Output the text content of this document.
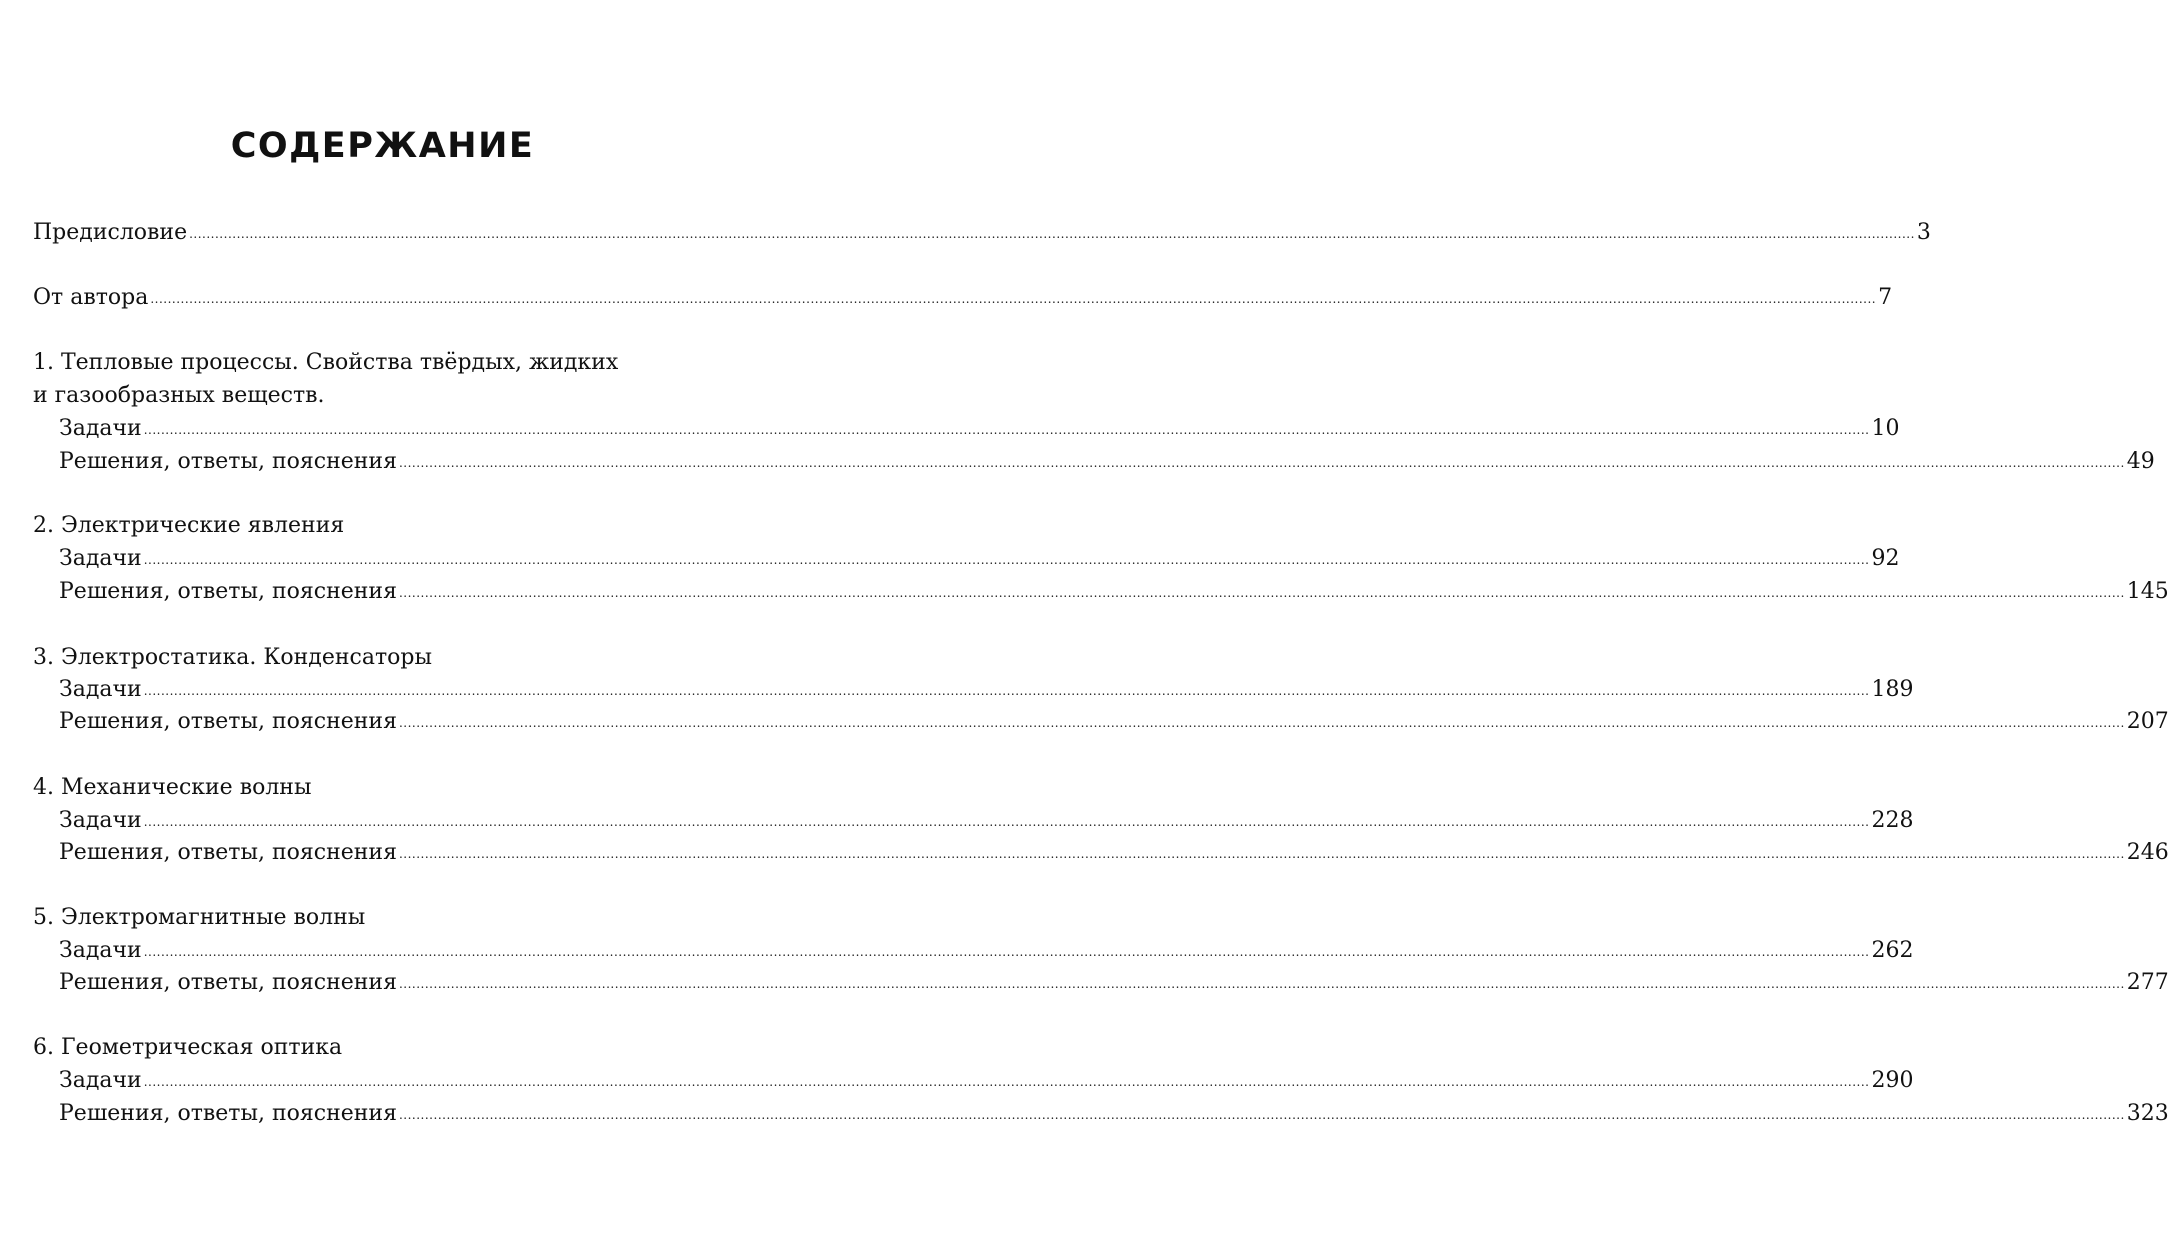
СОДЕРЖАНИЕ
Предисловие ................................................................................................................................................................................................................................................................................................................................................................................................................ 3
От автора ................................................................................................................................................................................................................................................................................................................................................................................................................ 7
1. Тепловые процессы. Свойства твёрдых, жидких
и газообразных веществ.
Задачи ................................................................................................................................................................................................................................................................................................................................................................................................................ 10
Решения, ответы, пояснения ................................................................................................................................................................................................................................................................................................................................................................................................................ 49
2. Электрические явления
Задачи ................................................................................................................................................................................................................................................................................................................................................................................................................ 92
Решения, ответы, пояснения ................................................................................................................................................................................................................................................................................................................................................................................................................ 145
3. Электростатика. Конденсаторы
Задачи ................................................................................................................................................................................................................................................................................................................................................................................................................ 189
Решения, ответы, пояснения ................................................................................................................................................................................................................................................................................................................................................................................................................ 207
4. Механические волны
Задачи ................................................................................................................................................................................................................................................................................................................................................................................................................ 228
Решения, ответы, пояснения ................................................................................................................................................................................................................................................................................................................................................................................................................ 246
5. Электромагнитные волны
Задачи ................................................................................................................................................................................................................................................................................................................................................................................................................ 262
Решения, ответы, пояснения ................................................................................................................................................................................................................................................................................................................................................................................................................ 277
6. Геометрическая оптика
Задачи ................................................................................................................................................................................................................................................................................................................................................................................................................ 290
Решения, ответы, пояснения ................................................................................................................................................................................................................................................................................................................................................................................................................ 323
